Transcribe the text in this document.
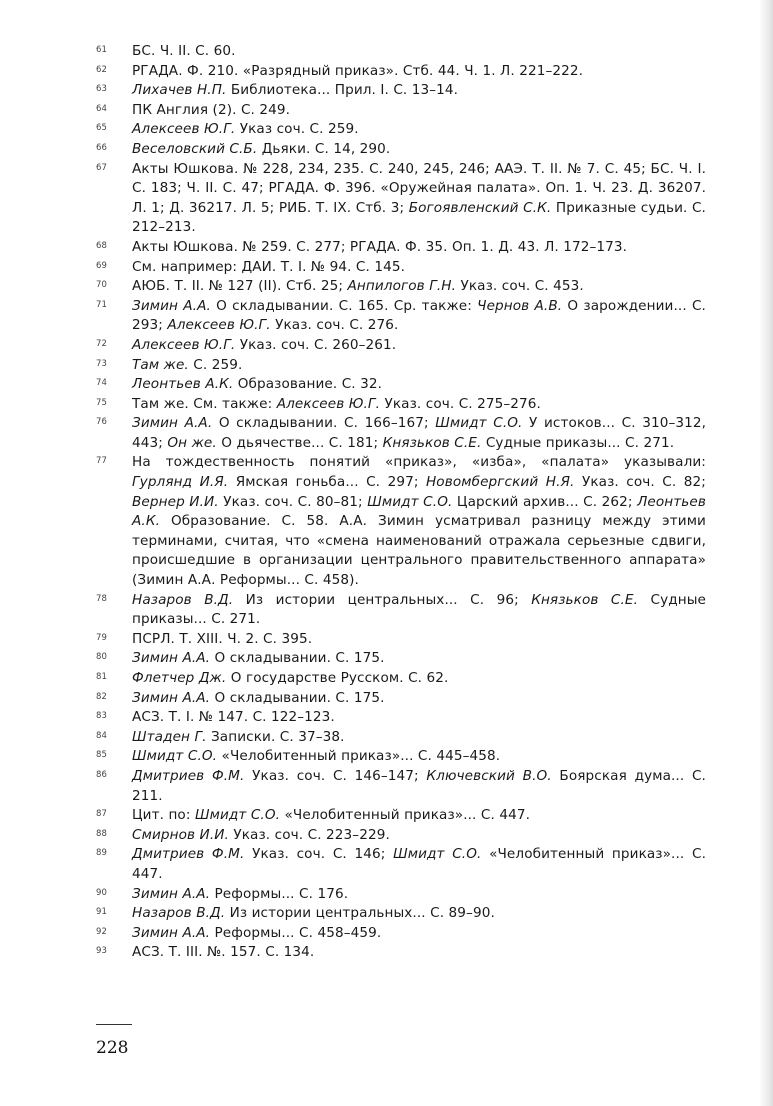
61 БС. Ч. II. С. 60.
62 РГАДА. Ф. 210. «Разрядный приказ». Стб. 44. Ч. 1. Л. 221–222.
63 Лихачев Н.П. Библиотека... Прил. I. С. 13–14.
64 ПК Англия (2). С. 249.
65 Алексеев Ю.Г. Указ соч. С. 259.
66 Веселовский С.Б. Дьяки. С. 14, 290.
67 Акты Юшкова. № 228, 234, 235. С. 240, 245, 246; ААЭ. Т. II. № 7. С. 45; БС. Ч. I. С. 183; Ч. II. С. 47; РГАДА. Ф. 396. «Оружейная палата». Оп. 1. Ч. 23. Д. 36207. Л. 1; Д. 36217. Л. 5; РИБ. Т. IX. Стб. 3; Богоявленский С.К. Приказные судьи. С. 212–213.
68 Акты Юшкова. № 259. С. 277; РГАДА. Ф. 35. Оп. 1. Д. 43. Л. 172–173.
69 См. например: ДАИ. Т. I. № 94. С. 145.
70 АЮБ. Т. II. № 127 (II). Стб. 25; Анпилогов Г.Н. Указ. соч. С. 453.
71 Зимин А.А. О складывании. С. 165. Ср. также: Чернов А.В. О зарождении... С. 293; Алексеев Ю.Г. Указ. соч. С. 276.
72 Алексеев Ю.Г. Указ. соч. С. 260–261.
73 Там же. С. 259.
74 Леонтьев А.К. Образование. С. 32.
75 Там же. См. также: Алексеев Ю.Г. Указ. соч. С. 275–276.
76 Зимин А.А. О складывании. С. 166–167; Шмидт С.О. У истоков... С. 310–312, 443; Он же. О дьячестве... С. 181; Князьков С.Е. Судные приказы... С. 271.
77 На тождественность понятий «приказ», «изба», «палата» указывали: Гурлянд И.Я. Ямская гоньба... С. 297; Новомбергский Н.Я. Указ. соч. С. 82; Вернер И.И. Указ. соч. С. 80–81; Шмидт С.О. Царский архив... С. 262; Леонтьев А.К. Образование. С. 58. А.А. Зимин усматривал разницу между этими терминами, считая, что «смена наименований отражала серьезные сдвиги, происшедшие в организации центрального правительственного аппарата» (Зимин А.А. Реформы... С. 458).
78 Назаров В.Д. Из истории центральных... С. 96; Князьков С.Е. Судные приказы... С. 271.
79 ПСРЛ. Т. XIII. Ч. 2. С. 395.
80 Зимин А.А. О складывании. С. 175.
81 Флетчер Дж. О государстве Русском. С. 62.
82 Зимин А.А. О складывании. С. 175.
83 АСЗ. Т. I. № 147. С. 122–123.
84 Штаден Г. Записки. С. 37–38.
85 Шмидт С.О. «Челобитенный приказ»... С. 445–458.
86 Дмитриев Ф.М. Указ. соч. С. 146–147; Ключевский В.О. Боярская дума... С. 211.
87 Цит. по: Шмидт С.О. «Челобитенный приказ»... С. 447.
88 Смирнов И.И. Указ. соч. С. 223–229.
89 Дмитриев Ф.М. Указ. соч. С. 146; Шмидт С.О. «Челобитенный приказ»... С. 447.
90 Зимин А.А. Реформы... С. 176.
91 Назаров В.Д. Из истории центральных... С. 89–90.
92 Зимин А.А. Реформы... С. 458–459.
93 АСЗ. Т. III. №. 157. С. 134.
228
